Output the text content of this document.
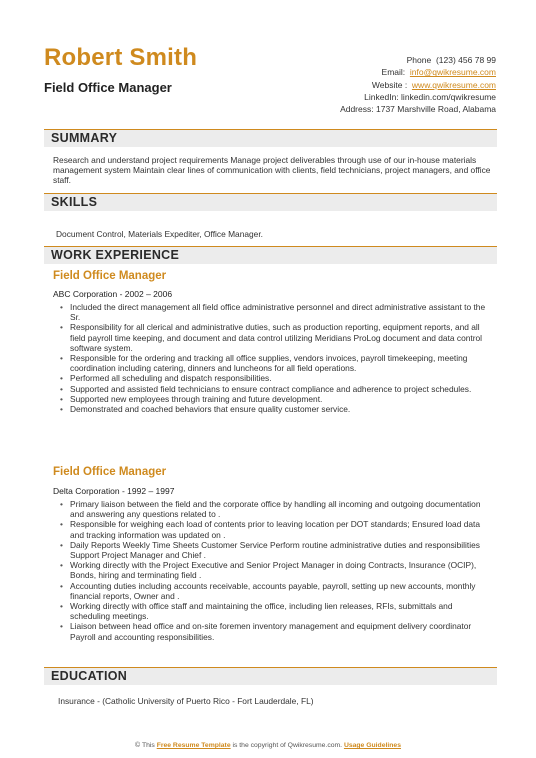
Robert Smith
Field Office Manager
Phone (123) 456 78 99
Email: info@qwikresume.com
Website : www.qwikresume.com
LinkedIn: linkedin.com/qwikresume
Address: 1737 Marshville Road, Alabama
SUMMARY
Research and understand project requirements Manage project deliverables through use of our in-house materials management system Maintain clear lines of communication with clients, field technicians, project managers, and office staff.
SKILLS
Document Control, Materials Expediter, Office Manager.
WORK EXPERIENCE
Field Office Manager
ABC Corporation - 2002 – 2006
• Included the direct management all field office administrative personnel and direct administrative assistant to the Sr.
• Responsibility for all clerical and administrative duties, such as production reporting, equipment reports, and all field payroll time keeping, and document and data control utilizing Meridians ProLog document and data control software system.
• Responsible for the ordering and tracking all office supplies, vendors invoices, payroll timekeeping, meeting coordination including catering, dinners and luncheons for all field operations.
• Performed all scheduling and dispatch responsibilities.
• Supported and assisted field technicians to ensure contract compliance and adherence to project schedules.
• Supported new employees through training and future development.
• Demonstrated and coached behaviors that ensure quality customer service.
Field Office Manager
Delta Corporation - 1992 – 1997
• Primary liaison between the field and the corporate office by handling all incoming and outgoing documentation and answering any questions related to .
• Responsible for weighing each load of contents prior to leaving location per DOT standards; Ensured load data and tracking information was updated on .
• Daily Reports Weekly Time Sheets Customer Service Perform routine administrative duties and responsibilities Support Project Manager and Chief .
• Working directly with the Project Executive and Senior Project Manager in doing Contracts, Insurance (OCIP), Bonds, hiring and terminating field .
• Accounting duties including accounts receivable, accounts payable, payroll, setting up new accounts, monthly financial reports, Owner and .
• Working directly with office staff and maintaining the office, including lien releases, RFIs, submittals and scheduling meetings.
• Liaison between head office and on-site foremen inventory management and equipment delivery coordinator Payroll and accounting responsibilities.
EDUCATION
Insurance - (Catholic University of Puerto Rico - Fort Lauderdale, FL)
© This Free Resume Template is the copyright of Qwikresume.com. Usage Guidelines
